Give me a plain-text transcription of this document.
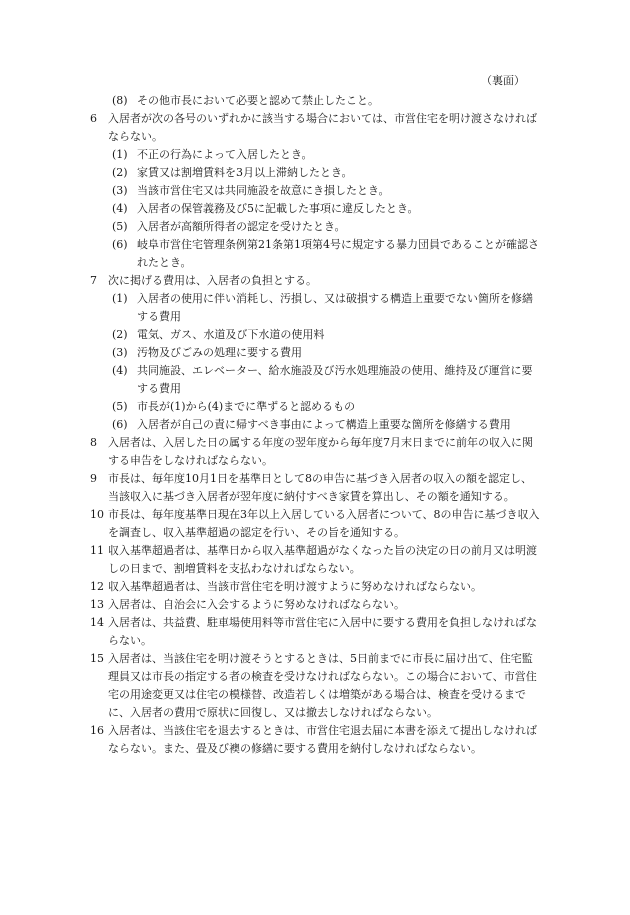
（裏面）
(8) その他市長において必要と認めて禁止したこと。
6 入居者が次の各号のいずれかに該当する場合においては、市営住宅を明け渡さなければならない。
(1) 不正の行為によって入居したとき。
(2) 家賃又は割増賃料を3月以上滞納したとき。
(3) 当該市営住宅又は共同施設を故意にき損したとき。
(4) 入居者の保管義務及び5に記載した事項に違反したとき。
(5) 入居者が高額所得者の認定を受けたとき。
(6) 岐阜市営住宅管理条例第21条第1項第4号に規定する暴力団員であることが確認されたとき。
7 次に掲げる費用は、入居者の負担とする。
(1) 入居者の使用に伴い消耗し、汚損し、又は破損する構造上重要でない箇所を修繕する費用
(2) 電気、ガス、水道及び下水道の使用料
(3) 汚物及びごみの処理に要する費用
(4) 共同施設、エレベーター、給水施設及び汚水処理施設の使用、維持及び運営に要する費用
(5) 市長が(1)から(4)までに準ずると認めるもの
(6) 入居者が自己の責に帰すべき事由によって構造上重要な箇所を修繕する費用
8 入居者は、入居した日の属する年度の翌年度から毎年度7月末日までに前年の収入に関する申告をしなければならない。
9 市長は、毎年度10月1日を基準日として8の申告に基づき入居者の収入の額を認定し、当該収入に基づき入居者が翌年度に納付すべき家賃を算出し、その額を通知する。
10 市長は、毎年度基準日現在3年以上入居している入居者について、8の申告に基づき収入を調査し、収入基準超過の認定を行い、その旨を通知する。
11 収入基準超過者は、基準日から収入基準超過がなくなった旨の決定の日の前月又は明渡しの日まで、割増賃料を支払わなければならない。
12 収入基準超過者は、当該市営住宅を明け渡すように努めなければならない。
13 入居者は、自治会に入会するように努めなければならない。
14 入居者は、共益費、駐車場使用料等市営住宅に入居中に要する費用を負担しなければならない。
15 入居者は、当該住宅を明け渡そうとするときは、5日前までに市長に届け出て、住宅監理員又は市長の指定する者の検査を受けなければならない。この場合において、市営住宅の用途変更又は住宅の模様替、改造若しくは増築がある場合は、検査を受けるまでに、入居者の費用で原状に回復し、又は撤去しなければならない。
16 入居者は、当該住宅を退去するときは、市営住宅退去届に本書を添えて提出しなければならない。また、畳及び襖の修繕に要する費用を納付しなければならない。
